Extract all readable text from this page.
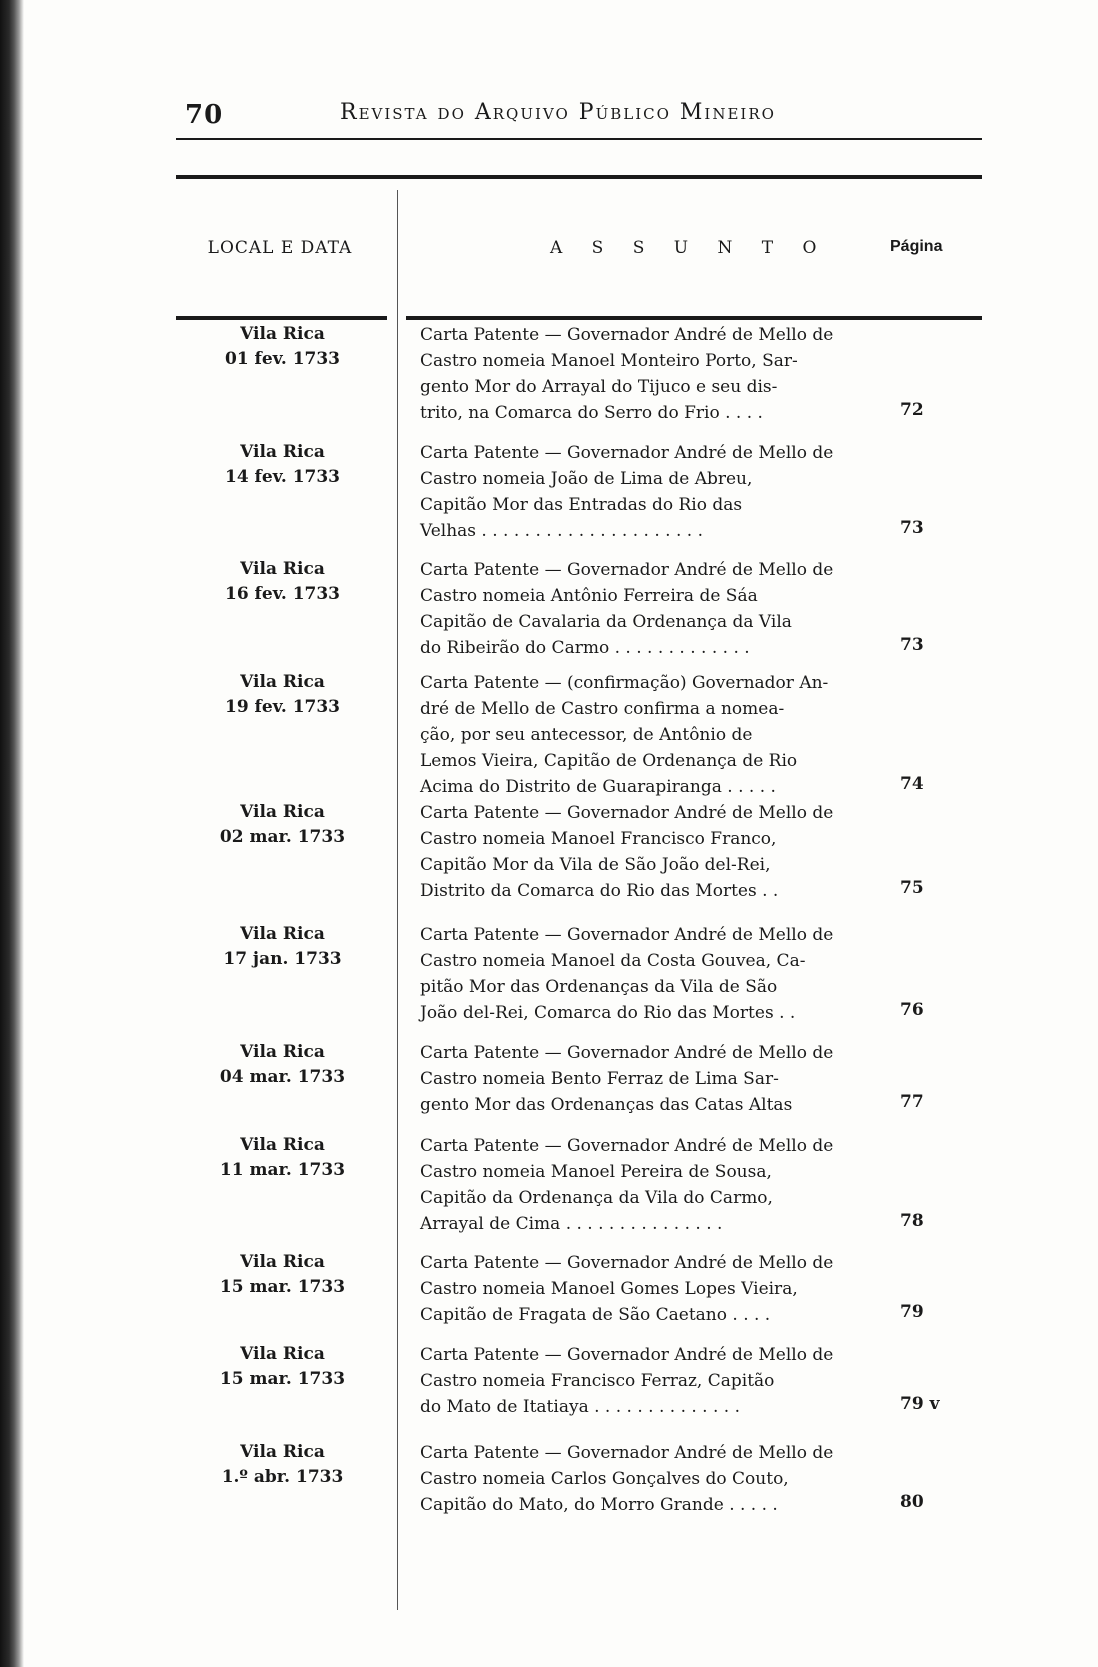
70	Revista do Arquivo Público Mineiro
LOCAL E DATA	A S S U N T O	Página
Vila Rica
01 fev. 1733
Carta Patente — Governador André de Mello de
Castro nomeia Manoel Monteiro Porto, Sar-
gento Mor do Arrayal do Tijuco e seu dis-
trito, na Comarca do Serro do Frio . . . .	72
Vila Rica
14 fev. 1733
Carta Patente — Governador André de Mello de
Castro nomeia João de Lima de Abreu,
Capitão Mor das Entradas do Rio das
Velhas . . . . . . . . . . . . . . . . . . . . .	73
Vila Rica
16 fev. 1733
Carta Patente — Governador André de Mello de
Castro nomeia Antônio Ferreira de Sáa
Capitão de Cavalaria da Ordenança da Vila
do Ribeirão do Carmo . . . . . . . . . . . . .	73
Vila Rica
19 fev. 1733
Carta Patente — (confirmação) Governador An-
dré de Mello de Castro confirma a nomea-
ção, por seu antecessor, de Antônio de
Lemos Vieira, Capitão de Ordenança de Rio
Acima do Distrito de Guarapiranga . . . . .	74
Vila Rica
02 mar. 1733
Carta Patente — Governador André de Mello de
Castro nomeia Manoel Francisco Franco,
Capitão Mor da Vila de São João del-Rei,
Distrito da Comarca do Rio das Mortes . .	75
Vila Rica
17 jan. 1733
Carta Patente — Governador André de Mello de
Castro nomeia Manoel da Costa Gouvea, Ca-
pitão Mor das Ordenanças da Vila de São
João del-Rei, Comarca do Rio das Mortes . .	76
Vila Rica
04 mar. 1733
Carta Patente — Governador André de Mello de
Castro nomeia Bento Ferraz de Lima Sar-
gento Mor das Ordenanças das Catas Altas	77
Vila Rica
11 mar. 1733
Carta Patente — Governador André de Mello de
Castro nomeia Manoel Pereira de Sousa,
Capitão da Ordenança da Vila do Carmo,
Arrayal de Cima . . . . . . . . . . . . . . .	78
Vila Rica
15 mar. 1733
Carta Patente — Governador André de Mello de
Castro nomeia Manoel Gomes Lopes Vieira,
Capitão de Fragata de São Caetano . . . .	79
Vila Rica
15 mar. 1733
Carta Patente — Governador André de Mello de
Castro nomeia Francisco Ferraz, Capitão
do Mato de Itatiaya . . . . . . . . . . . . . .	79 v
Vila Rica
1.º abr. 1733
Carta Patente — Governador André de Mello de
Castro nomeia Carlos Gonçalves do Couto,
Capitão do Mato, do Morro Grande . . . . .	80
